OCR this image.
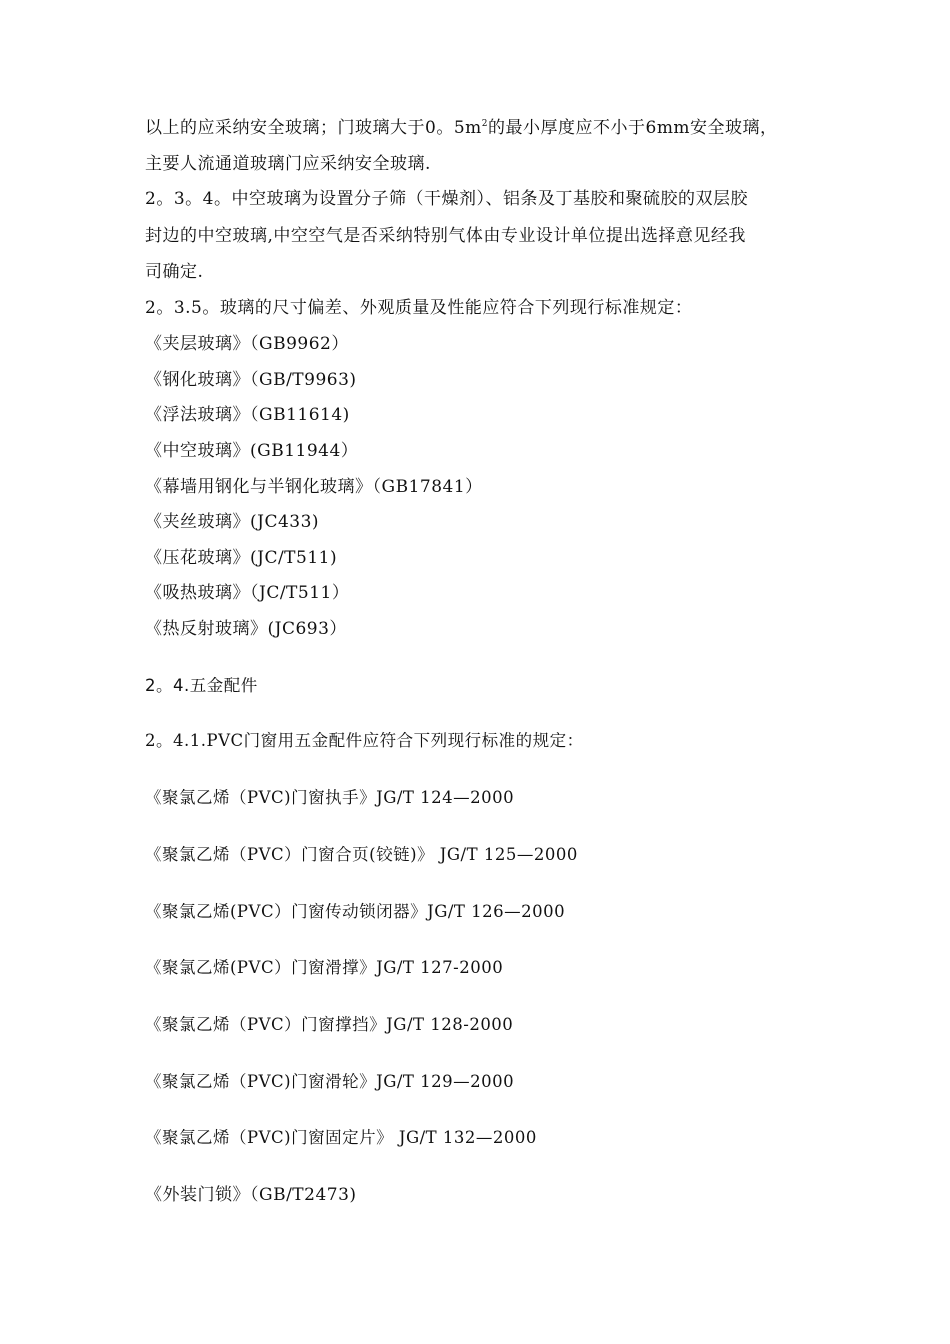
以上的应采纳安全玻璃；门玻璃大于0。$5m^2$的最小厚度应不小于6mm安全玻璃，
主要人流通道玻璃门应采纳安全玻璃.
2。3。4。中空玻璃为设置分子筛（干燥剂）、铝条及丁基胶和聚硫胶的双层胶
封边的中空玻璃,中空空气是否采纳特别气体由专业设计单位提出选择意见经我
司确定.
2。3.5。玻璃的尺寸偏差、外观质量及性能应符合下列现行标准规定：
《夹层玻璃》（GB9962）
《钢化玻璃》（GB/T9963)
《浮法玻璃》（GB11614)
《中空玻璃》(GB11944）
《幕墙用钢化与半钢化玻璃》（GB17841）
《夹丝玻璃》(JC433)
《压花玻璃》(JC/T511)
《吸热玻璃》（JC/T511）
《热反射玻璃》(JC693）
2。4.五金配件
2。4.1.PVC门窗用五金配件应符合下列现行标准的规定：
《聚氯乙烯（PVC)门窗执手》JG/T 124—2000
《聚氯乙烯（PVC）门窗合页(铰链)》 JG/T 125—2000
《聚氯乙烯(PVC）门窗传动锁闭器》JG/T 126—2000
《聚氯乙烯(PVC）门窗滑撑》JG/T 127-2000
《聚氯乙烯（PVC）门窗撑挡》JG/T 128-2000
《聚氯乙烯（PVC)门窗滑轮》JG/T 129—2000
《聚氯乙烯（PVC)门窗固定片》 JG/T 132—2000
《外装门锁》（GB/T2473)
